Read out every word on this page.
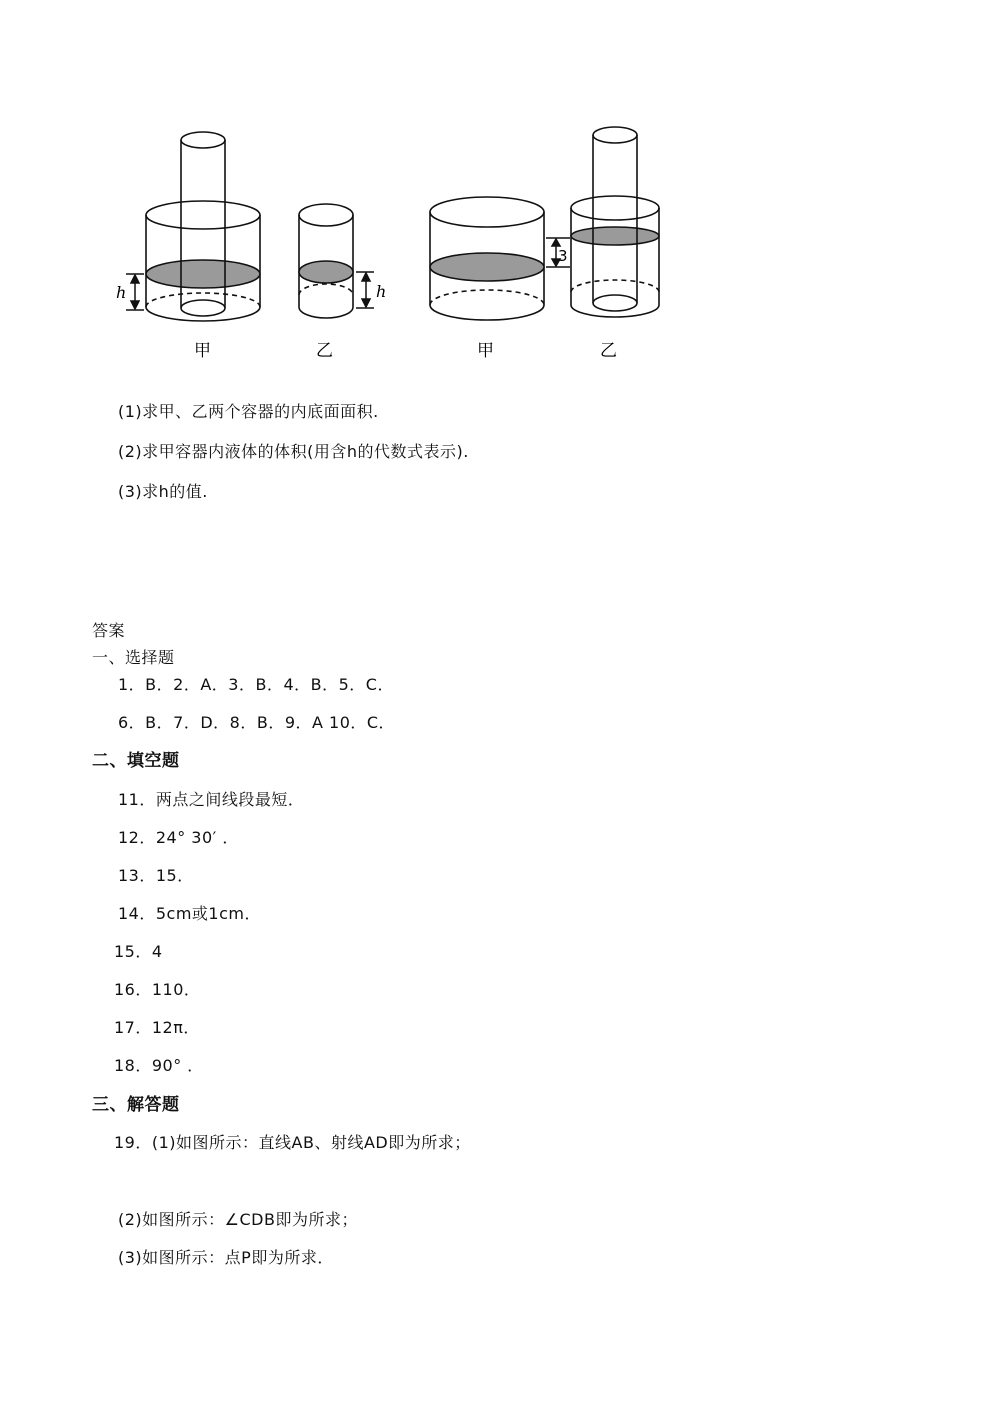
h	h
3
甲	乙	甲	乙
(1)求甲、乙两个容器的内底面面积.
(2)求甲容器内液体的体积(用含h的代数式表示).
(3)求h的值.
答案
一、选择题
1．B．2．A．3．B．4．B．5．C．
6．B．7．D．8．B．9．A 10．C．
二、填空题
11．两点之间线段最短．
12．24° 30′ ．
13．15．
14．5cm或1cm．
15．4
16．110．
17．12π．
18．90° ．
三、解答题
19．(1)如图所示：直线AB、射线AD即为所求；
(2)如图所示：∠CDB即为所求；
(3)如图所示：点P即为所求．
